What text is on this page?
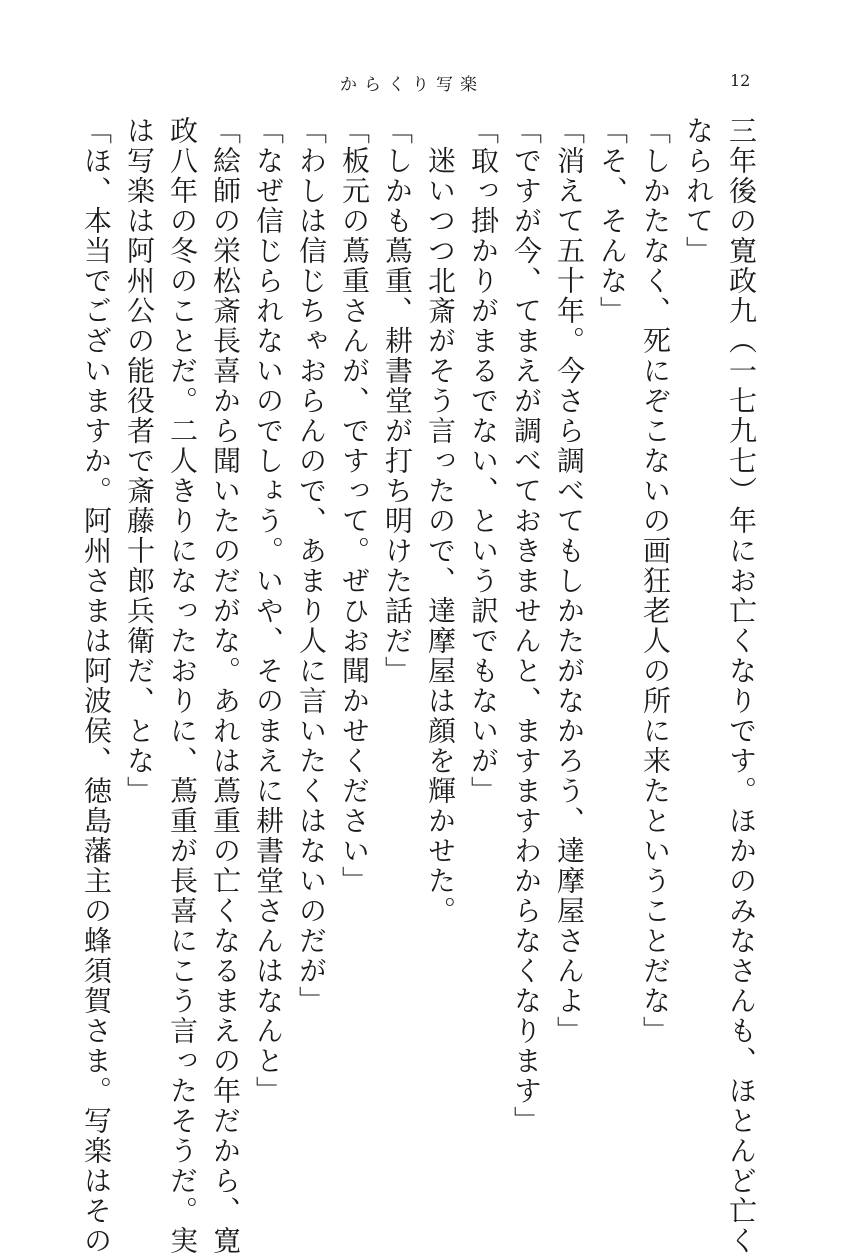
からくり写楽	12
三年後の寛政九（一七九七）年にお亡くなりです。ほかのみなさんも、ほとんど亡く
なられて」
「しかたなく、死にぞこないの画狂老人の所に来たということだな」
「そ、そんな」
「消えて五十年。今さら調べてもしかたがなかろう、達摩屋さんよ」
「ですが今、てまえが調べておきませんと、ますますわからなくなります」
「取っ掛かりがまるでない、という訳でもないが」
迷いつつ北斎がそう言ったので、達摩屋は顔を輝かせた。
「しかも蔦重、耕書堂が打ち明けた話だ」
「板元の蔦重さんが、ですって。ぜひお聞かせください」
「わしは信じちゃおらんので、あまり人に言いたくはないのだが」
「なぜ信じられないのでしょう。いや、そのまえに耕書堂さんはなんと」
「絵師の栄松斎長喜から聞いたのだがな。あれは蔦重の亡くなるまえの年だから、寛
政八年の冬のことだ。二人きりになったおりに、蔦重が長喜にこう言ったそうだ。実
は写楽は阿州公の能役者で斎藤十郎兵衛だ、とな」
「ほ、本当でございますか。阿州さまは阿波侯、徳島藩主の蜂須賀さま。写楽はその
